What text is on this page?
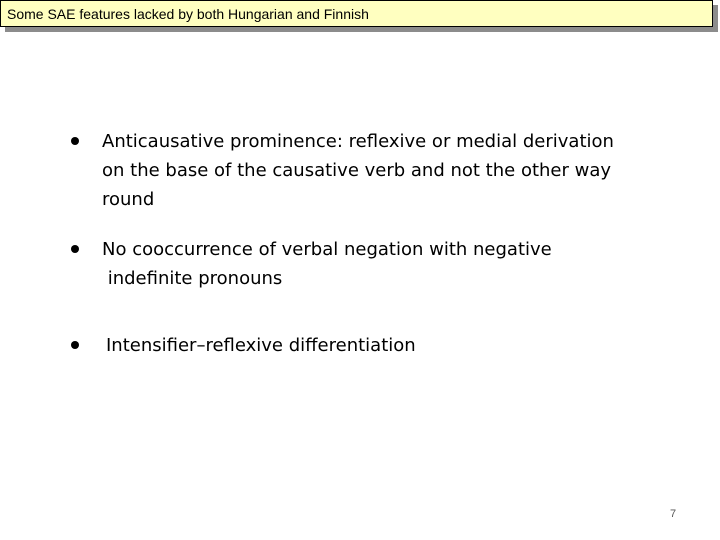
Some SAE features lacked by both Hungarian and Finnish
Anticausative prominence: reflexive or medial derivation
on the base of the causative verb and not the other way
round
No cooccurrence of verbal negation with negative
indefinite pronouns
Intensifier–reflexive differentiation
7
